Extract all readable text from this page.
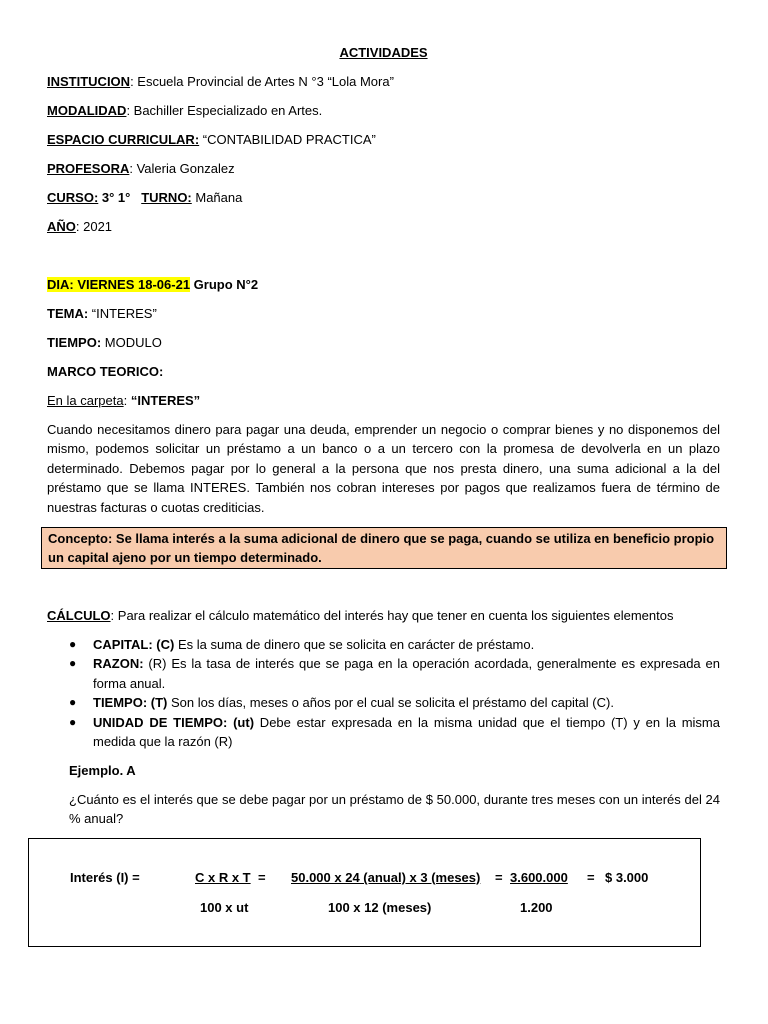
ACTIVIDADES
INSTITUCION: Escuela Provincial de Artes N °3 “Lola Mora”
MODALIDAD: Bachiller Especializado en Artes.
ESPACIO CURRICULAR: “CONTABILIDAD PRACTICA”
PROFESORA: Valeria Gonzalez
CURSO: 3° 1° TURNO: Mañana
AÑO: 2021
DIA: VIERNES 18-06-21 Grupo N°2
TEMA: “INTERES”
TIEMPO: MODULO
MARCO TEORICO:
En la carpeta: “INTERES”
Cuando necesitamos dinero para pagar una deuda, emprender un negocio o comprar bienes y no disponemos del mismo, podemos solicitar un préstamo a un banco o a un tercero con la promesa de devolverla en un plazo determinado. Debemos pagar por lo general a la persona que nos presta dinero, una suma adicional a la del préstamo que se llama INTERES. También nos cobran intereses por pagos que realizamos fuera de término de nuestras facturas o cuotas crediticias.
Concepto: Se llama interés a la suma adicional de dinero que se paga, cuando se utiliza en beneficio propio un capital ajeno por un tiempo determinado.
CÁLCULO: Para realizar el cálculo matemático del interés hay que tener en cuenta los siguientes elementos
● CAPITAL: (C) Es la suma de dinero que se solicita en carácter de préstamo.
● RAZON: (R) Es la tasa de interés que se paga en la operación acordada, generalmente es expresada en forma anual.
● TIEMPO: (T) Son los días, meses o años por el cual se solicita el préstamo del capital (C).
● UNIDAD DE TIEMPO: (ut) Debe estar expresada en la misma unidad que el tiempo (T) y en la misma medida que la razón (R)
Ejemplo. A
¿Cuánto es el interés que se debe pagar por un préstamo de $ 50.000, durante tres meses con un interés del 24 % anual?
Interés (I) =	C x R x T = 50.000 x 24 (anual) x 3 (meses) = 3.600.000 = $ 3.000
100 x ut	100 x 12 (meses)	1.200
